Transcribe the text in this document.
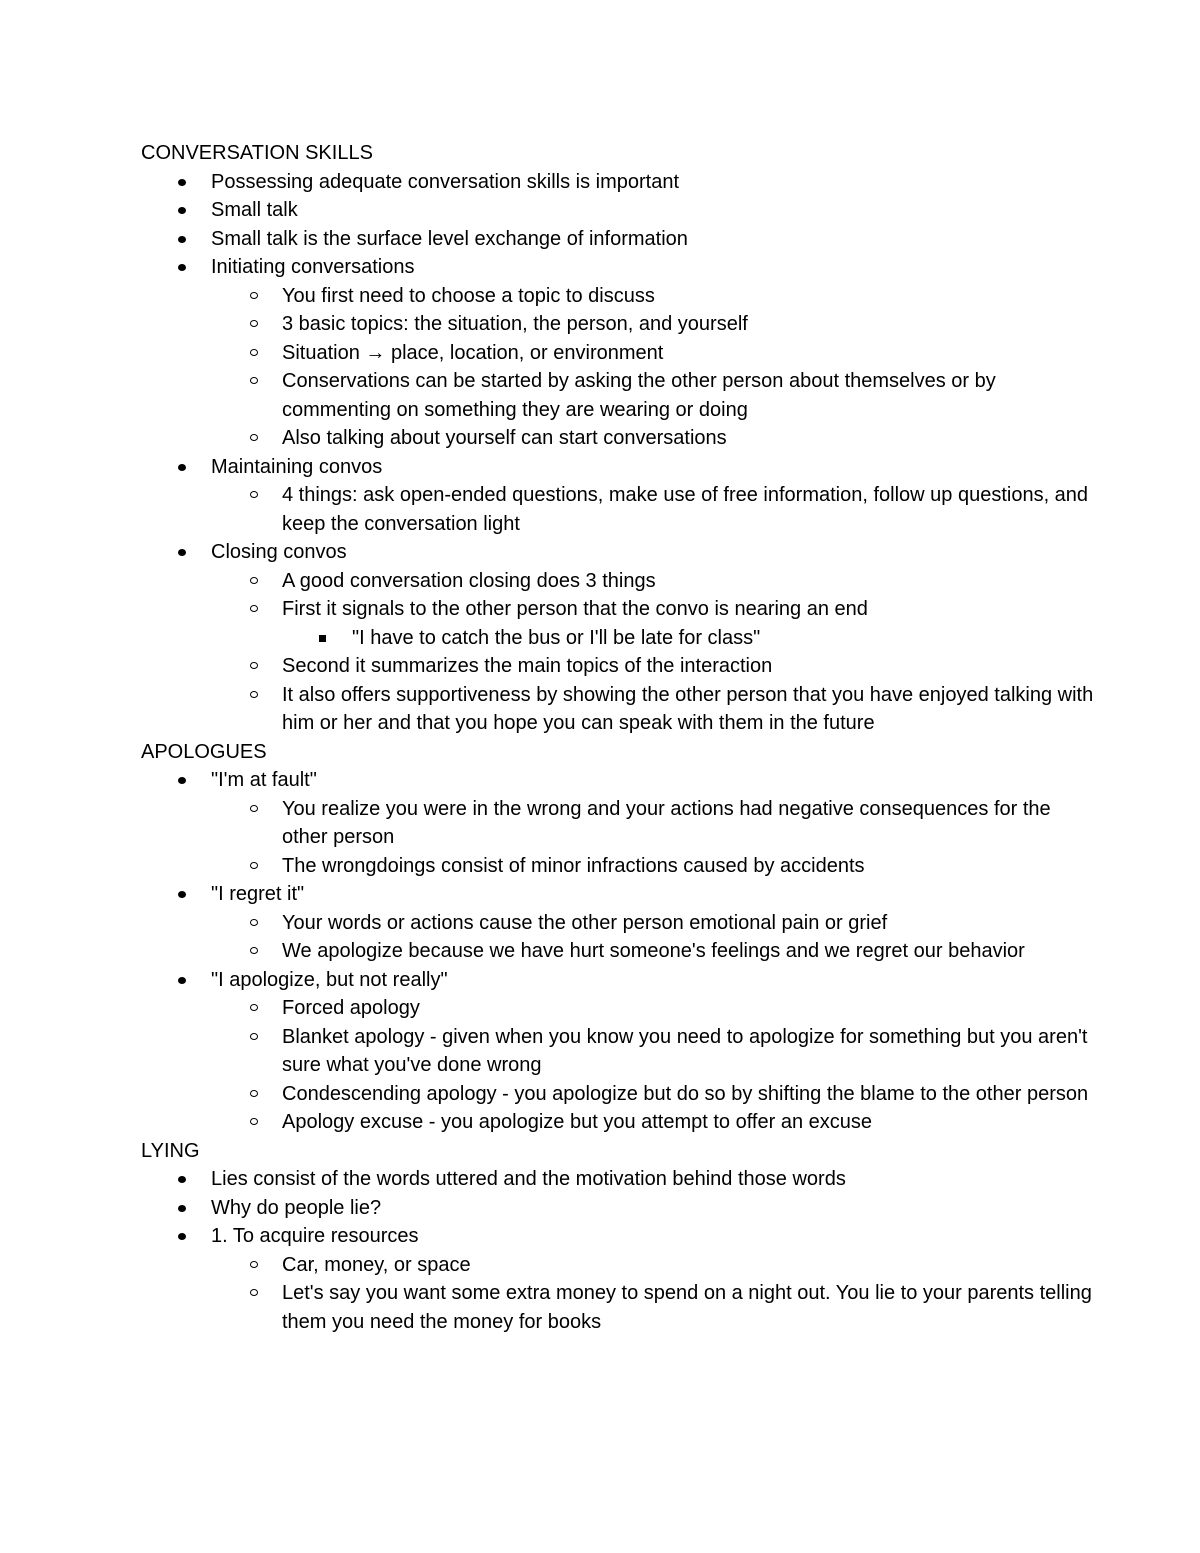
CONVERSATION SKILLS
Possessing adequate conversation skills is important
Small talk
Small talk is the surface level exchange of information
Initiating conversations
You first need to choose a topic to discuss
3 basic topics: the situation, the person, and yourself
Situation → place, location, or environment
Conservations can be started by asking the other person about themselves or by commenting on something they are wearing or doing
Also talking about yourself can start conversations
Maintaining convos
4 things: ask open-ended questions, make use of free information, follow up questions, and keep the conversation light
Closing convos
A good conversation closing does 3 things
First it signals to the other person that the convo is nearing an end
"I have to catch the bus or I'll be late for class"
Second it summarizes the main topics of the interaction
It also offers supportiveness by showing the other person that you have enjoyed talking with him or her and that you hope you can speak with them in the future
APOLOGUES
"I'm at fault"
You realize you were in the wrong and your actions had negative consequences for the other person
The wrongdoings consist of minor infractions caused by accidents
"I regret it"
Your words or actions cause the other person emotional pain or grief
We apologize because we have hurt someone's feelings and we regret our behavior
"I apologize, but not really"
Forced apology
Blanket apology - given when you know you need to apologize for something but you aren't sure what you've done wrong
Condescending apology - you apologize but do so by shifting the blame to the other person
Apology excuse - you apologize but you attempt to offer an excuse
LYING
Lies consist of the words uttered and the motivation behind those words
Why do people lie?
1. To acquire resources
Car, money, or space
Let's say you want some extra money to spend on a night out. You lie to your parents telling them you need the money for books
